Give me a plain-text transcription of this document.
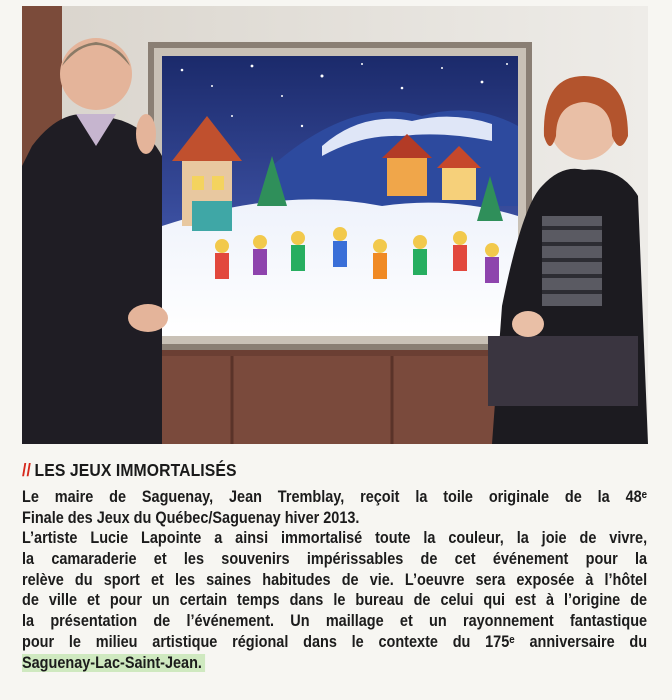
// LES JEUX IMMORTALISÉS
Le maire de Saguenay, Jean Tremblay, reçoit la toile originale de la 48ᵉ
Finale des Jeux du Québec/Saguenay hiver 2013.
L’artiste Lucie Lapointe a ainsi immortalisé toute la couleur, la joie de vivre,
la camaraderie et les souvenirs impérissables de cet événement pour la
relève du sport et les saines habitudes de vie. L’oeuvre sera exposée à l’hôtel
de ville et pour un certain temps dans le bureau de celui qui est à l’origine de
la présentation de l’événement. Un maillage et un rayonnement fantastique
pour le milieu artistique régional dans le contexte du 175ᵉ anniversaire du
Saguenay-Lac-Saint-Jean.
